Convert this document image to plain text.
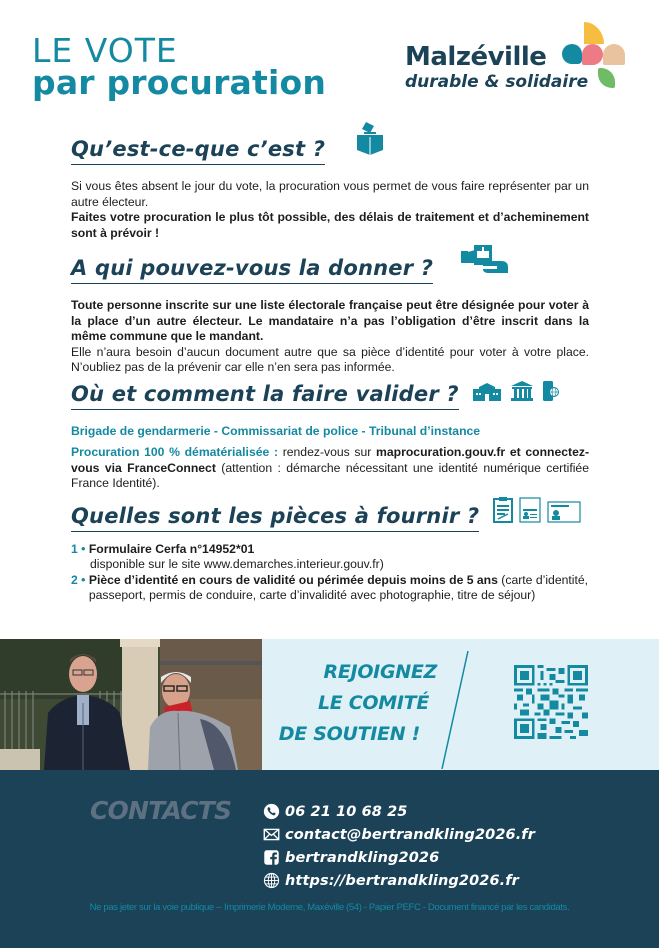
LE VOTE
par procuration
Malzéville
durable & solidaire
Qu’est-ce-que c’est ?
Si vous êtes absent le jour du vote, la procuration vous permet de vous faire représenter par un autre électeur.
Faites votre procuration le plus tôt possible, des délais de traitement et d’acheminement sont à prévoir !
A qui pouvez-vous la donner ?
Toute personne inscrite sur une liste électorale française peut être désignée pour voter à la place d’un autre électeur. Le mandataire n’a pas l’obligation d’être inscrit dans la même commune que le mandant.
Elle n’aura besoin d’aucun document autre que sa pièce d’identité pour voter à votre place. N’oubliez pas de la prévenir car elle n’en sera pas informée.
Où et comment la faire valider ?
Brigade de gendarmerie - Commissariat de police - Tribunal d’instance
Procuration 100 % dématérialisée : rendez-vous sur maprocuration.gouv.fr et connectez-vous via FranceConnect (attention : démarche nécessitant une identité numérique certifiée France Identité).
Quelles sont les pièces à fournir ?
1 • Formulaire Cerfa n°14952*01
disponible sur le site www.demarches.interieur.gouv.fr)
2 • Pièce d’identité en cours de validité ou périmée depuis moins de 5 ans (carte d’identité, passeport, permis de conduire, carte d’invalidité avec photographie, titre de séjour)
REJOIGNEZ
LE COMITÉ
DE SOUTIEN !
CONTACTS	06 21 10 68 25
contact@bertrandkling2026.fr
bertrandkling2026
https://bertrandkling2026.fr
Ne pas jeter sur la voie publique -- Imprimerie Moderne, Maxéville (54) - Papier PEFC - Document financé par les candidats.
